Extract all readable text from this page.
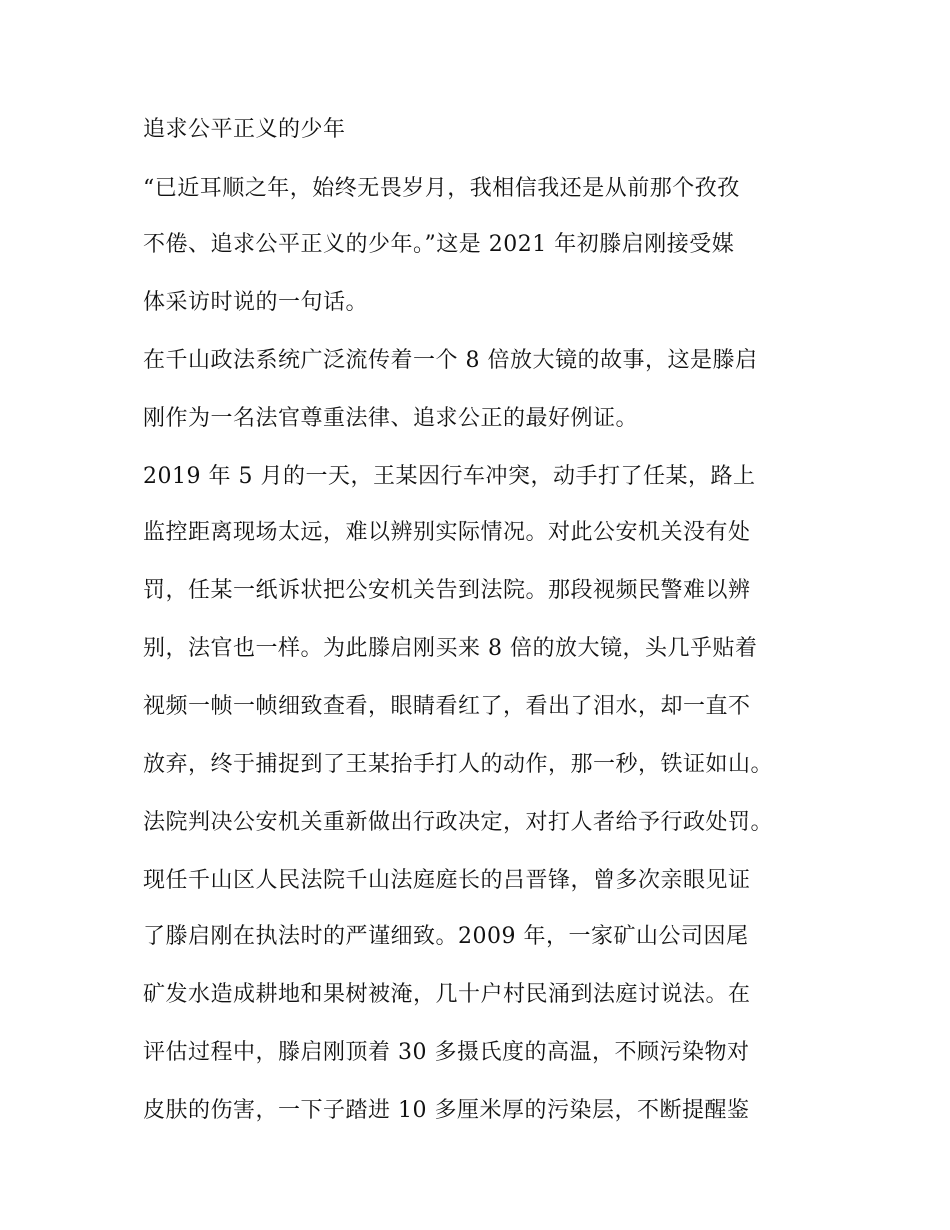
追求公平正义的少年
“已近耳顺之年，始终无畏岁月，我相信我还是从前那个孜孜
不倦、追求公平正义的少年。”这是 2021 年初滕启刚接受媒
体采访时说的一句话。
在千山政法系统广泛流传着一个 8 倍放大镜的故事，这是滕启
刚作为一名法官尊重法律、追求公正的最好例证。
2019 年 5 月的一天，王某因行车冲突，动手打了任某，路上
监控距离现场太远，难以辨别实际情况。对此公安机关没有处
罚，任某一纸诉状把公安机关告到法院。那段视频民警难以辨
别，法官也一样。为此滕启刚买来 8 倍的放大镜，头几乎贴着
视频一帧一帧细致查看，眼睛看红了，看出了泪水，却一直不
放弃，终于捕捉到了王某抬手打人的动作，那一秒，铁证如山。
法院判决公安机关重新做出行政决定，对打人者给予行政处罚。
现任千山区人民法院千山法庭庭长的吕晋锋，曾多次亲眼见证
了滕启刚在执法时的严谨细致。2009 年，一家矿山公司因尾
矿发水造成耕地和果树被淹，几十户村民涌到法庭讨说法。在
评估过程中，滕启刚顶着 30 多摄氏度的高温，不顾污染物对
皮肤的伤害，一下子踏进 10 多厘米厚的污染层，不断提醒鉴
